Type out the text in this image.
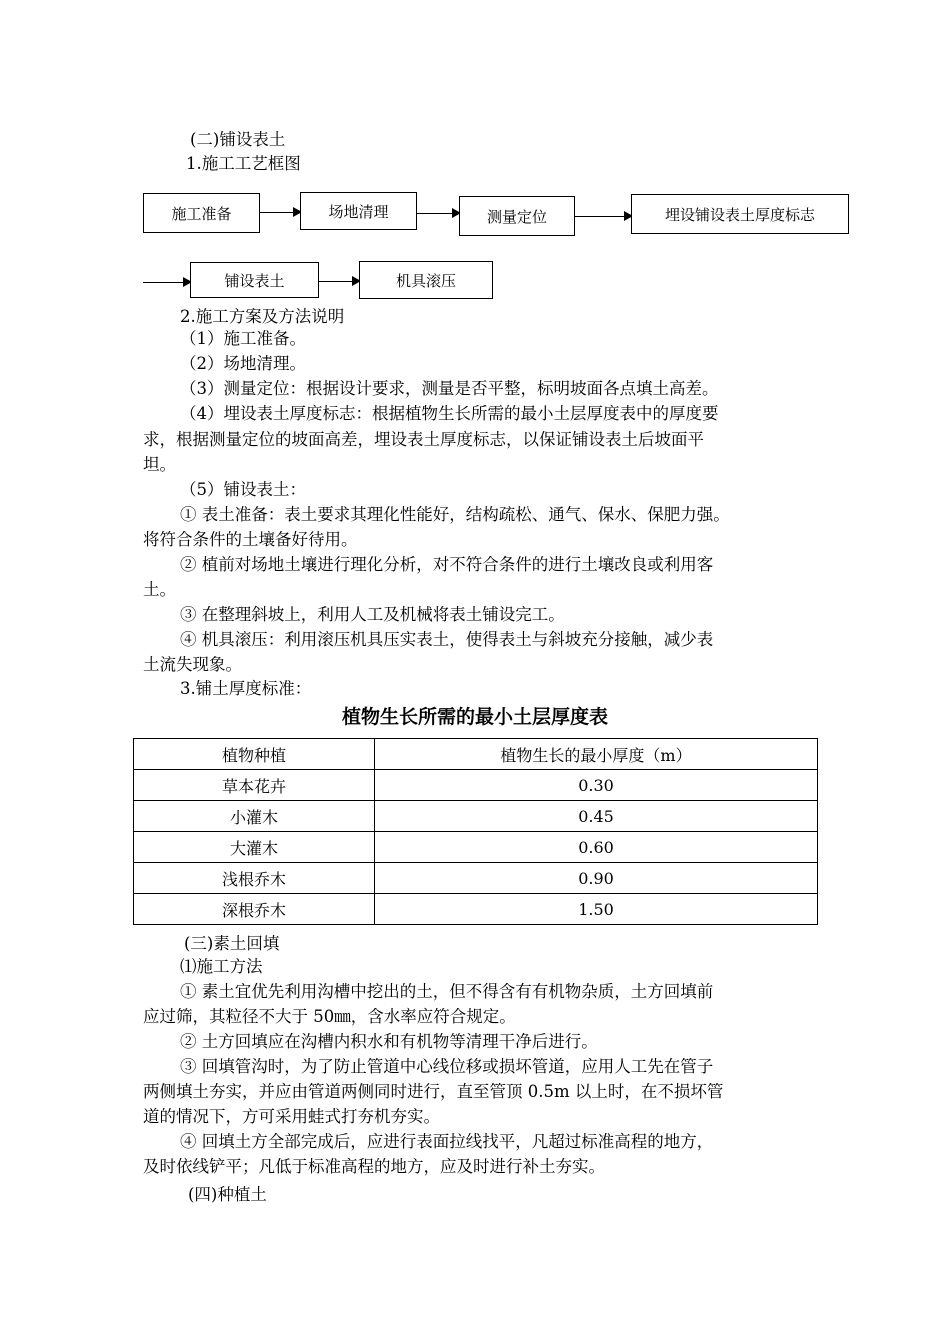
(二)铺设表土
1.施工工艺框图
施工准备	场地清理	测量定位	埋设铺设表土厚度标志
铺设表土	机具滚压
2.施工方案及方法说明
（1）施工准备。
（2）场地清理。
（3）测量定位：根据设计要求，测量是否平整，标明坡面各点填土高差。
（4）埋设表土厚度标志：根据植物生长所需的最小土层厚度表中的厚度要
求，根据测量定位的坡面高差，埋设表土厚度标志，以保证铺设表土后坡面平
坦。
（5）铺设表土：
① 表土准备：表土要求其理化性能好，结构疏松、通气、保水、保肥力强。
将符合条件的土壤备好待用。
② 植前对场地土壤进行理化分析，对不符合条件的进行土壤改良或利用客
土。
③ 在整理斜坡上，利用人工及机械将表土铺设完工。
④ 机具滚压：利用滚压机具压实表土，使得表土与斜坡充分接触，减少表
土流失现象。
3.铺土厚度标准：
植物生长所需的最小土层厚度表
植物种植	植物生长的最小厚度（m）
草本花卉	0.30
小灌木	0.45
大灌木	0.60
浅根乔木	0.90
深根乔木	1.50
(三)素土回填
⑴施工方法
① 素土宜优先利用沟槽中挖出的土，但不得含有有机物杂质，土方回填前
应过筛，其粒径不大于 50㎜，含水率应符合规定。
② 土方回填应在沟槽内积水和有机物等清理干净后进行。
③ 回填管沟时，为了防止管道中心线位移或损坏管道，应用人工先在管子
两侧填土夯实，并应由管道两侧同时进行，直至管顶 0.5m 以上时，在不损坏管
道的情况下，方可采用蛙式打夯机夯实。
④ 回填土方全部完成后，应进行表面拉线找平，凡超过标准高程的地方，
及时依线铲平；凡低于标准高程的地方，应及时进行补土夯实。
(四)种植土
